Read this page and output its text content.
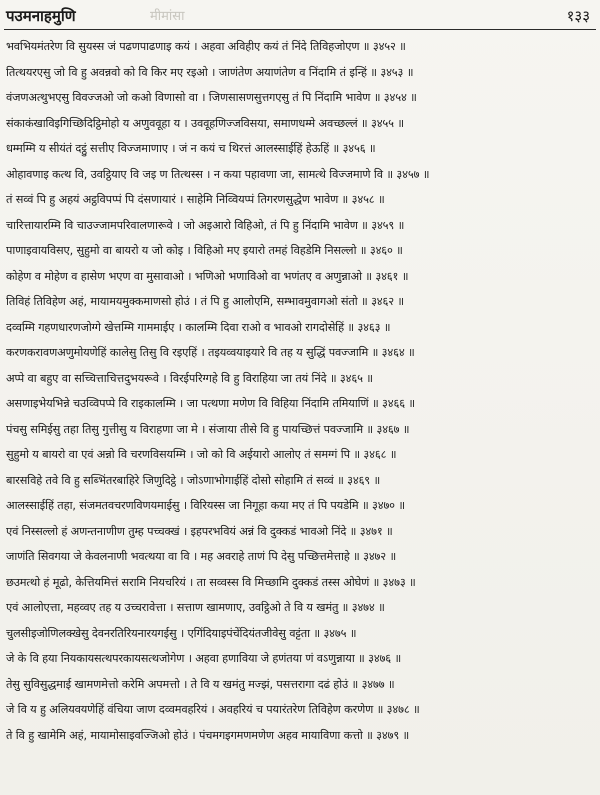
पउमनाहमुणि	मीमांसा	१३३
भवभियमंतरेण वि सुयस्स जं पढणपाढणाइ कयं । अहवा अविहीए कयं तं निंदे तिविहजोएण ॥ ३४५२ ॥
तित्थयरएसु जो वि हु अवन्नवो को वि किर मए रइओ । जाणंतेण अयाणंतेण व निंदामि तं इन्हिं ॥ ३४५३ ॥
वंजणअत्थुभएसु विवज्जओ जो कओ विणासो वा । जिणसासणसुत्तगएसु तं पि निंदामि भावेण ॥ ३४५४ ॥
संकाकंखाविइगिच्छिदिट्ठिमोहो य अणुववूहा य । उववूहणिज्जविसया, समाणधम्मे अवच्छल्लं ॥ ३४५५ ॥
धम्मम्मि य सीयंतं दट्ठुं सत्तीए विज्जमाणाए । जं न कयं च थिरत्तं आलस्साईहिं हेऊहिं ॥ ३४५६ ॥
ओहावणाइ कत्थ वि, उवट्ठियाए वि जइ ण तित्थस्स । न कया पहावणा जा, सामत्थे विज्जमाणे वि ॥ ३४५७ ॥
तं सव्वं पि हु अहयं अट्ठविपप्पं पि दंसणायारं । साहेमि निव्वियप्पं तिगरणसुद्धेण भावेण ॥ ३४५८ ॥
चारित्तायारम्मि वि चाउज्जामपरिवालणारूवे । जो अइआरो विहिओ, तं पि हु निंदामि भावेण ॥ ३४५९ ॥
पाणाइवायविसए, सुहुमो वा बायरो य जो कोइ । विहिओ मए इयारो तमहं विहडेमि निसल्लो ॥ ३४६० ॥
कोहेण व मोहेण व हासेण भएण वा मुसावाओ । भणिओ भणाविओ वा भणंतए व अणुन्नाओ ॥ ३४६१ ॥
तिविहं तिविहेण अहं, मायामयमुक्कमाणसो होउं । तं पि हु आलोएमि, सम्भावमुवागओ संतो ॥ ३४६२ ॥
दव्वम्मि गहणधारणजोग्गे खेत्तम्मि गाममाईए । कालम्मि दिवा राओ व भावओ रागदोसेहिं ॥ ३४६३ ॥
करणकरावणअणुमोयणेहिं कालेसु तिसु वि रइएहिं । तइयव्वयाइयारे वि तह य सुद्धिं पवज्जामि ॥ ३४६४ ॥
अप्पे वा बहुए वा सच्चित्ताचित्तदुभयरूवे । विरईपरिग्गहे वि हु विराहिया जा तयं निंदे ॥ ३४६५ ॥
असणाइभेयभिन्ने चउव्विपप्पे वि राइकालम्मि । जा पत्थणा मणेण वि विहिया निंदामि तमियाणिं ॥ ३४६६ ॥
पंचसु समिईसु तहा तिसु गुत्तीसु य विराहणा जा मे । संजाया तीसे वि हु पायच्छित्तं पवज्जामि ॥ ३४६७ ॥
सुहुमो य बायरो वा एवं अन्नो वि चरणविसयम्मि । जो को वि अईयारो आलोए तं समग्गं पि ॥ ३४६८ ॥
बारसविहे तवे वि हु सब्भिंतरबाहिरे जिणुदिट्ठे । जोऽणाभोगाईहिं दोसो सोहामि तं सव्वं ॥ ३४६९ ॥
आलस्साईहिं तहा, संजमतवचरणविणयमाईसु । विरियस्स जा निगूहा कया मए तं पि पयडेमि ॥ ३४७० ॥
एवं निस्सल्लो हं अणन्तनाणीण तुम्ह पच्चक्खं । इहपरभवियं अन्नं वि दुक्कडं भावओ निंदे ॥ ३४७१ ॥
जाणंति सिवगया जे केवलनाणी भवत्थया वा वि । मह अवराहे ताणं पि देसु पच्छित्तमेत्ताहे ॥ ३४७२ ॥
छउमत्थो हं मूढो, केत्तियमित्तं सरामि नियचरियं । ता सव्वस्स वि मिच्छामि दुक्कडं तस्स ओघेणं ॥ ३४७३ ॥
एवं आलोएत्ता, महव्वए तह य उच्चरावेत्ता । सत्ताण खामणाए, उवट्ठिओ ते वि य खमंतु ॥ ३४७४ ॥
चुलसीइजोणिलक्खेसु देवनरतिरियनारयगईसु । एगिंदियाइपंचेंदियंतजीवेसु वट्टंता ॥ ३४७५ ॥
जे के वि हया नियकायसत्थपरकायसत्थजोगेण । अहवा हणाविया जे हणंतया णं वऽणुन्नाया ॥ ३४७६ ॥
तेसु सुविसुद्धमाई खामणमेत्तो करेमि अपमत्तो । ते वि य खमंतु मज्झं, पसत्तरागा दढं होउं ॥ ३४७७ ॥
जे वि य हु अलियवयणेहिं वंचिया जाण दव्वमवहरियं । अवहरियं च पयारंतरेण तिविहेण करणेण ॥ ३४७८ ॥
ते वि हु खामेमि अहं, मायामोसाइवज्जिओ होउं । पंचमगइगमणमणेण अहव मायाविणा कत्तो ॥ ३४७९ ॥
